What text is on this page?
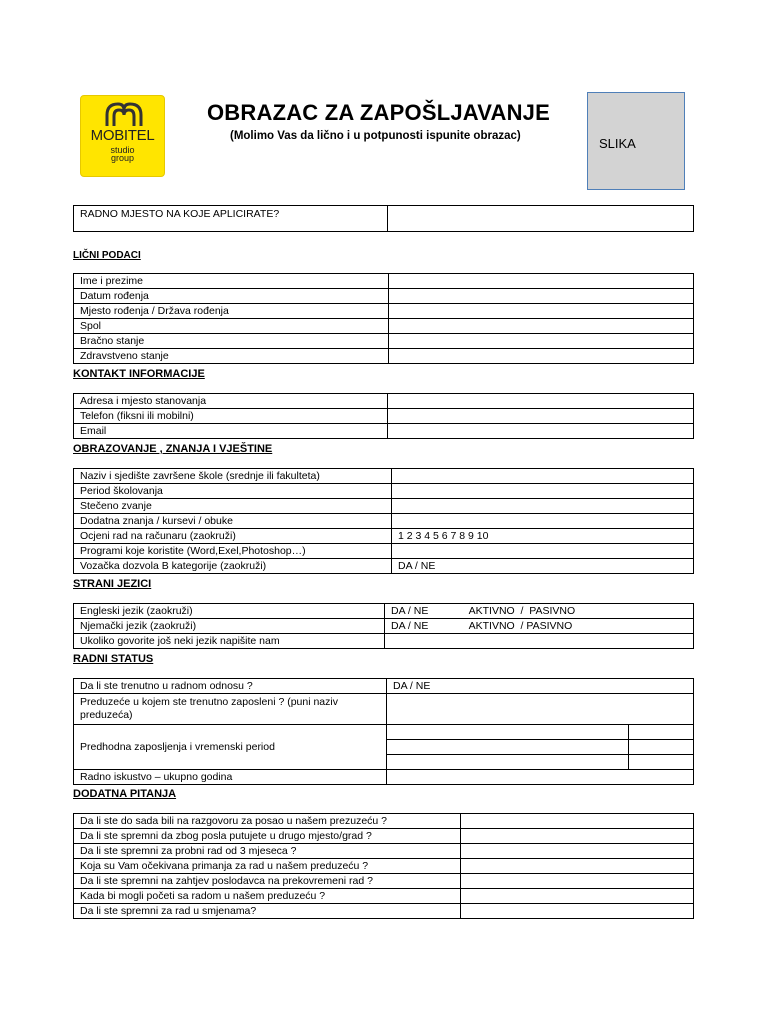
MOBITEL
studio
group
OBRAZAC ZA ZAPOŠLJAVANJE
(Molimo Vas da lično i u potpunosti ispunite obrazac)	SLIKA
RADNO MJESTO NA KOJE APLICIRATE?	
LIČNI PODACI
Ime i prezime	
Datum rođenja	
Mjesto rođenja / Država rođenja	
Spol	
Bračno stanje	
Zdravstveno stanje	
KONTAKT INFORMACIJE
Adresa i mjesto stanovanja	
Telefon (fiksni ili mobilni)	
Email	
OBRAZOVANJE , ZNANJA I VJEŠTINE
Naziv i sjedište završene škole (srednje ili fakulteta)	
Period školovanja	
Stečeno zvanje	
Dodatna znanja / kursevi / obuke	
Ocjeni rad na računaru (zaokruži)	1 2 3 4 5 6 7 8 9 10
Programi koje koristite (Word,Exel,Photoshop…)	
Vozačka dozvola B kategorije (zaokruži)	DA / NE
STRANI JEZICI
Engleski jezik (zaokruži)	DA / NE              AKTIVNO  /  PASIVNO
Njemački jezik (zaokruži)	DA / NE              AKTIVNO  / PASIVNO
Ukoliko govorite još neki jezik napišite nam	
RADNI STATUS
Da li ste trenutno u radnom odnosu ?	DA / NE	
Preduzeće u kojem ste trenutno zaposleni ? (puni naziv preduzeća)		
Predhodna zaposljenja i vremenski period		

Radno iskustvo – ukupno godina		
DODATNA PITANJA
Da li ste do sada bili na razgovoru za posao u našem prezuzeću ?	
Da li ste spremni da zbog posla putujete u drugo mjesto/grad ?	
Da li ste spremni za probni rad od 3 mjeseca ?	
Koja su Vam očekivana primanja za rad u našem preduzeću ?	
Da li ste spremni na zahtjev poslodavca na prekovremeni rad ?	
Kada bi mogli početi sa radom u našem preduzeću ?	
Da li ste spremni za rad u smjenama?	
